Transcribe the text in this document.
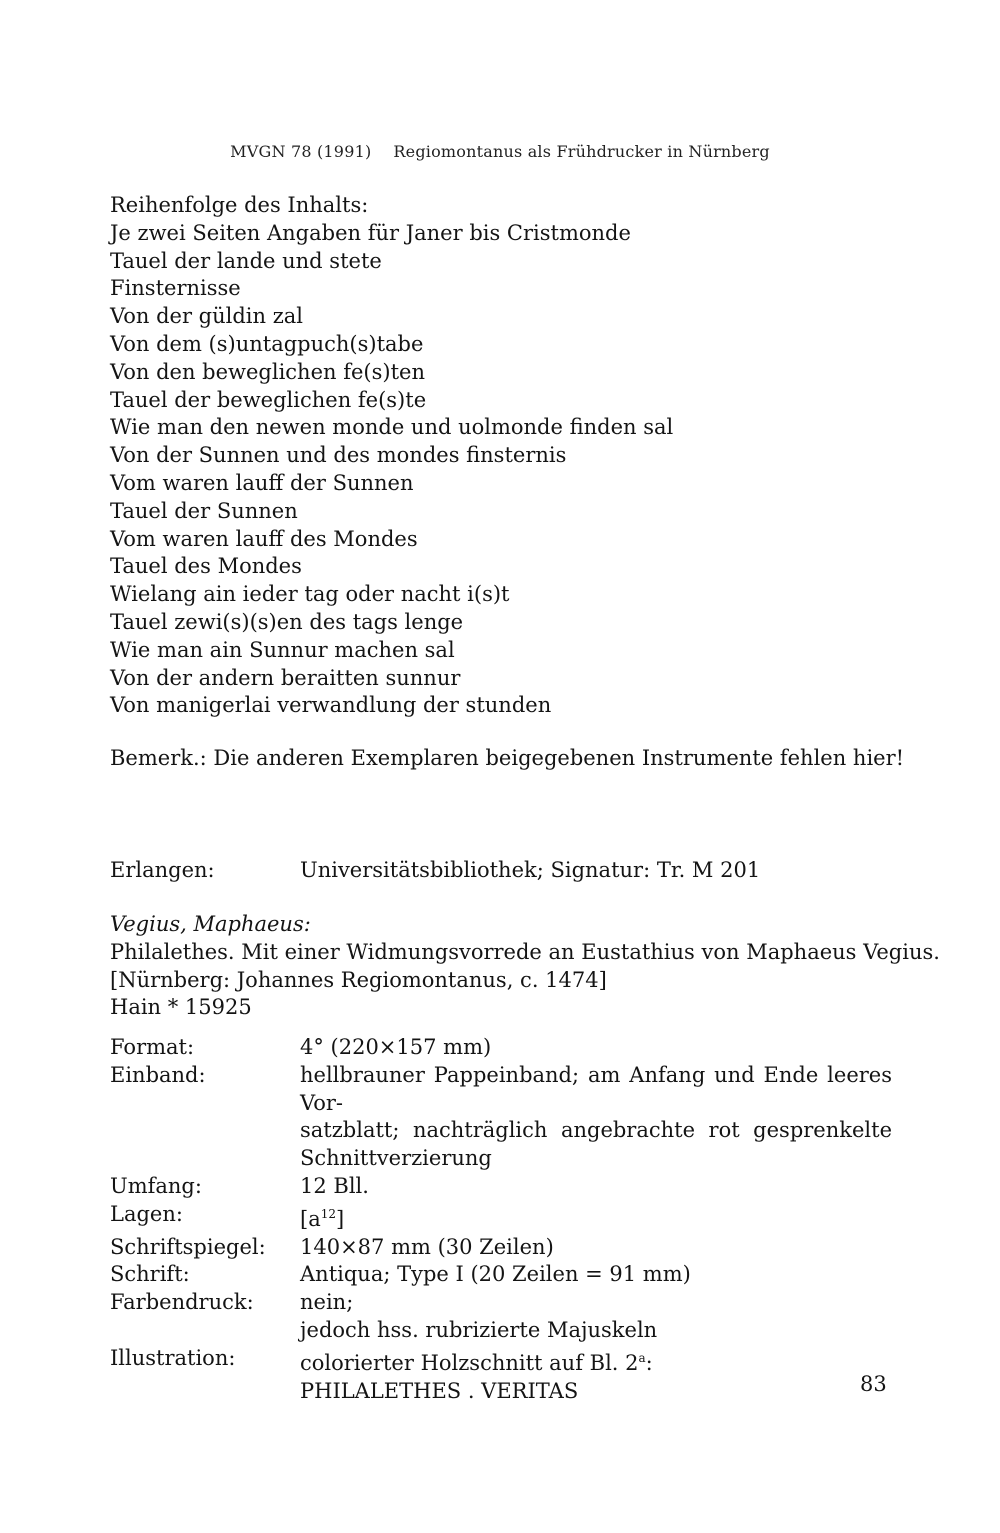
MVGN 78 (1991) Regiomontanus als Frühdrucker in Nürnberg
Reihenfolge des Inhalts:
Je zwei Seiten Angaben für Janer bis Cristmonde
Tauel der lande und stete
Finsternisse
Von der güldin zal
Von dem (s)untagpuch(s)tabe
Von den beweglichen fe(s)ten
Tauel der beweglichen fe(s)te
Wie man den newen monde und uolmonde finden sal
Von der Sunnen und des mondes finsternis
Vom waren lauff der Sunnen
Tauel der Sunnen
Vom waren lauff des Mondes
Tauel des Mondes
Wielang ain ieder tag oder nacht i(s)t
Tauel zewi(s)(s)en des tags lenge
Wie man ain Sunnur machen sal
Von der andern beraitten sunnur
Von manigerlai verwandlung der stunden
Bemerk.: Die anderen Exemplaren beigegebenen Instrumente fehlen hier!
Erlangen:	Universitätsbibliothek; Signatur: Tr. M 201
Vegius, Maphaeus:
Philalethes. Mit einer Widmungsvorrede an Eustathius von Maphaeus Vegius.
[Nürnberg: Johannes Regiomontanus, c. 1474]
Hain * 15925
Format:	4° (220×157 mm)
Einband:	hellbrauner Pappeinband; am Anfang und Ende leeres Vor-
satzblatt; nachträglich angebrachte rot gesprenkelte
Schnittverzierung
Umfang:	12 Bll.
Lagen:	$[a^{12}]$
Schriftspiegel:	140×87 mm (30 Zeilen)
Schrift:	Antiqua; Type I (20 Zeilen = 91 mm)
Farbendruck:	nein;
jedoch hss. rubrizierte Majuskeln
Illustration:	colorierter Holzschnitt auf Bl. 2$^a$:
PHILALETHES . VERITAS	83
